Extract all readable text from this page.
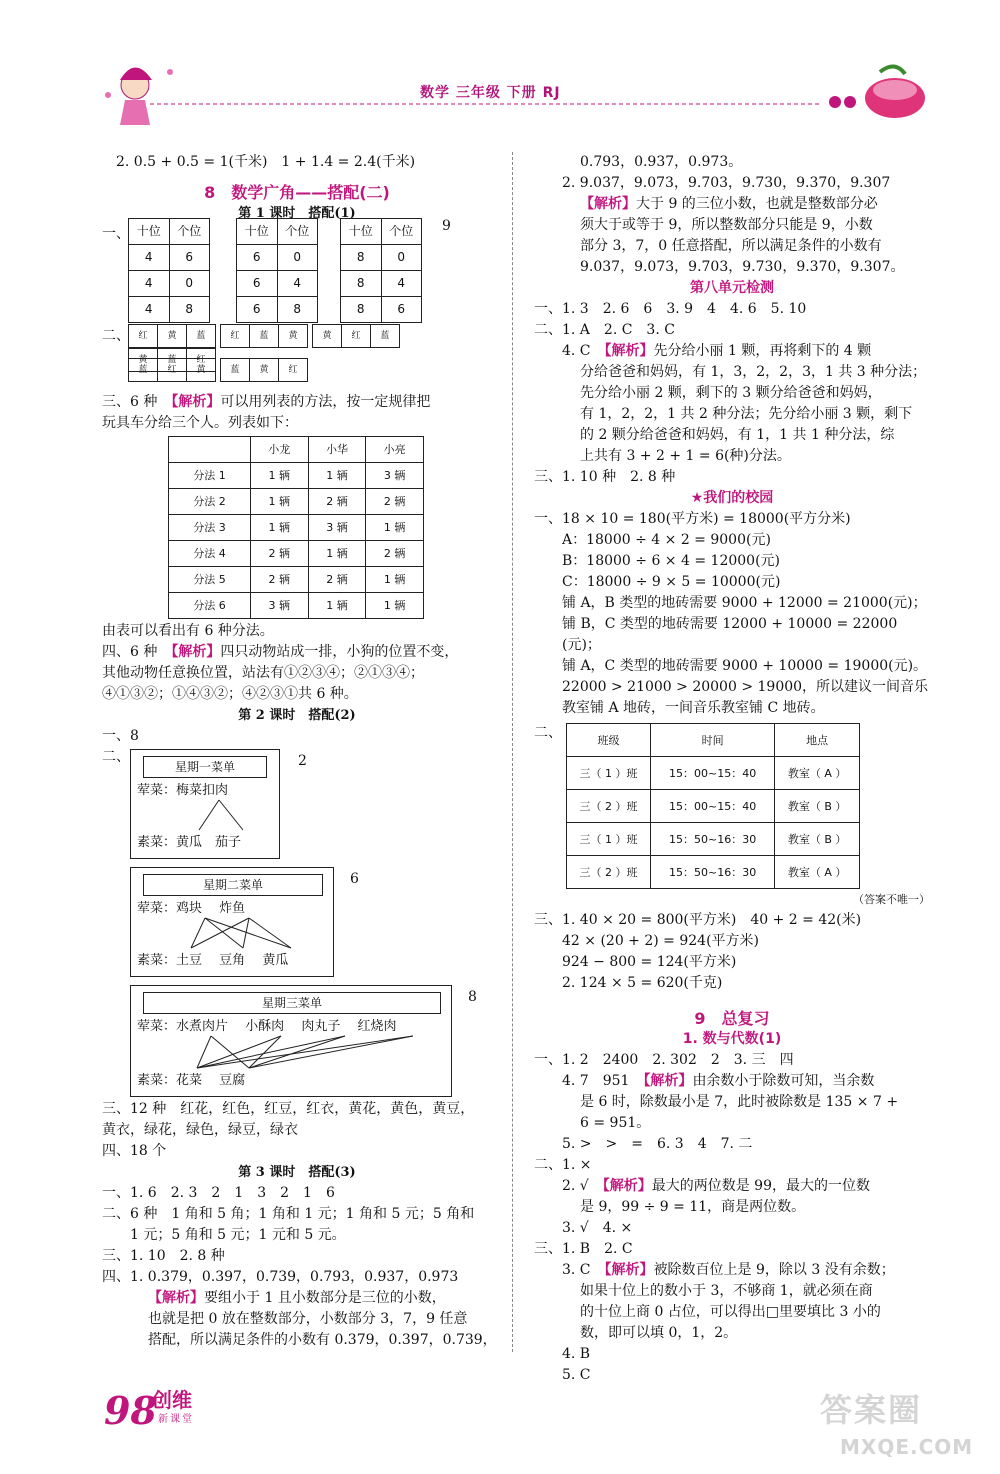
数学 三年级 下册 RJ
2. 0.5 + 0.5 = 1(千米)　1 + 1.4 = 2.4(千米)
8　数学广角——搭配(二)
第 1 课时　搭配(1)
一、	9
十位	个位
4	6
4	0
4	8
十位	个位
6	0
6	4
6	8
十位	个位
8	0
8	4
8	6
二、 红	黄	蓝	红	蓝	黄	黄	红	蓝
黄	蓝	红
蓝	红	黄	蓝	黄	红
三、6 种　【解析】可以用列表的方法，按一定规律把
玩具车分给三个人。列表如下：
	小龙	小华	小亮
分法 1	1 辆	1 辆	3 辆
分法 2	1 辆	2 辆	2 辆
分法 3	1 辆	3 辆	1 辆
分法 4	2 辆	1 辆	2 辆
分法 5	2 辆	2 辆	1 辆
分法 6	3 辆	1 辆	1 辆
由表可以看出有 6 种分法。
四、6 种　【解析】四只动物站成一排，小狗的位置不变，
其他动物任意换位置，站法有①②③④；②①③④；
④①③②；①④③②；④②③①共 6 种。
第 2 课时　搭配(2)
一、8
二、
星期一菜单
荤菜：梅菜扣肉
素菜：黄瓜　 茄子
2
星期二菜单
荤菜：鸡块　 炸鱼
素菜：土豆　 豆角　 黄瓜
6
星期三菜单
荤菜：水煮肉片　 小酥肉　 肉丸子　 红烧肉
素菜：花菜　 豆腐
8
三、12 种　红花，红色，红豆，红衣，黄花，黄色，黄豆，
黄衣，绿花，绿色，绿豆，绿衣
四、18 个
第 3 课时　搭配(3)
一、1. 6　2. 3　2　1　3　2　1　6
二、6 种　1 角和 5 角；1 角和 1 元；1 角和 5 元；5 角和
1 元；5 角和 5 元；1 元和 5 元。
三、1. 10　2. 8 种
四、1. 0.379，0.397，0.739，0.793，0.937，0.973
【解析】要组小于 1 且小数部分是三位的小数，
也就是把 0 放在整数部分，小数部分 3，7，9 任意
搭配，所以满足条件的小数有 0.379，0.397，0.739，
0.793，0.937，0.973。
2. 9.037，9.073，9.703，9.730，9.370，9.307
【解析】大于 9 的三位小数，也就是整数部分必
须大于或等于 9，所以整数部分只能是 9，小数
部分 3，7，0 任意搭配，所以满足条件的小数有
9.037，9.073，9.703，9.730，9.370，9.307。
第八单元检测
一、1. 3　2. 6　6　3. 9　4　4. 6　5. 10
二、1. A　2. C　3. C
4. C　【解析】先分给小丽 1 颗，再将剩下的 4 颗
分给爸爸和妈妈，有 1，3，2，2，3，1 共 3 种分法；
先分给小丽 2 颗，剩下的 3 颗分给爸爸和妈妈，
有 1，2，2，1 共 2 种分法；先分给小丽 3 颗，剩下
的 2 颗分给爸爸和妈妈，有 1，1 共 1 种分法，综
上共有 3 + 2 + 1 = 6(种)分法。
三、1. 10 种　2. 8 种
★我们的校园
一、18 × 10 = 180(平方米) = 18000(平方分米)
A：18000 ÷ 4 × 2 = 9000(元)
B：18000 ÷ 6 × 4 = 12000(元)
C：18000 ÷ 9 × 5 = 10000(元)
铺 A，B 类型的地砖需要 9000 + 12000 = 21000(元)；
铺 B，C 类型的地砖需要 12000 + 10000 = 22000
(元)；
铺 A，C 类型的地砖需要 9000 + 10000 = 19000(元)。
22000 > 21000 > 20000 > 19000，所以建议一间音乐
教室铺 A 地砖，一间音乐教室铺 C 地砖。
二、	班级	时间	地点
三（ 1 ）班	15：00~15：40	教室（ A ）
三（ 2 ）班	15：00~15：40	教室（ B ）
三（ 1 ）班	15：50~16：30	教室（ B ）
三（ 2 ）班	15：50~16：30	教室（ A ）
（答案不唯一）
三、1. 40 × 20 = 800(平方米)　40 + 2 = 42(米)
42 × (20 + 2) = 924(平方米)
924 − 800 = 124(平方米)
2. 124 × 5 = 620(千克)
9　总复习
1. 数与代数(1)
一、1. 2　2400　2. 302　2　3. 三　四
4. 7　951　【解析】由余数小于除数可知，当余数
是 6 时，除数最小是 7，此时被除数是 135 × 7 +
6 = 951。
5. >　>　=　6. 3　4　7. 二
二、1. ×
2. √　【解析】最大的两位数是 99，最大的一位数
是 9，99 ÷ 9 = 11，商是两位数。
3. √　4. ×
三、1. B　2. C
3. C　【解析】被除数百位上是 9，除以 3 没有余数；
如果十位上的数小于 3，不够商 1，就必须在商
的十位上商 0 占位，可以得出□里要填比 3 小的
数，即可以填 0，1，2。
4. B
5. C
98
创维
新课堂	答案圈
MXQE.COM
